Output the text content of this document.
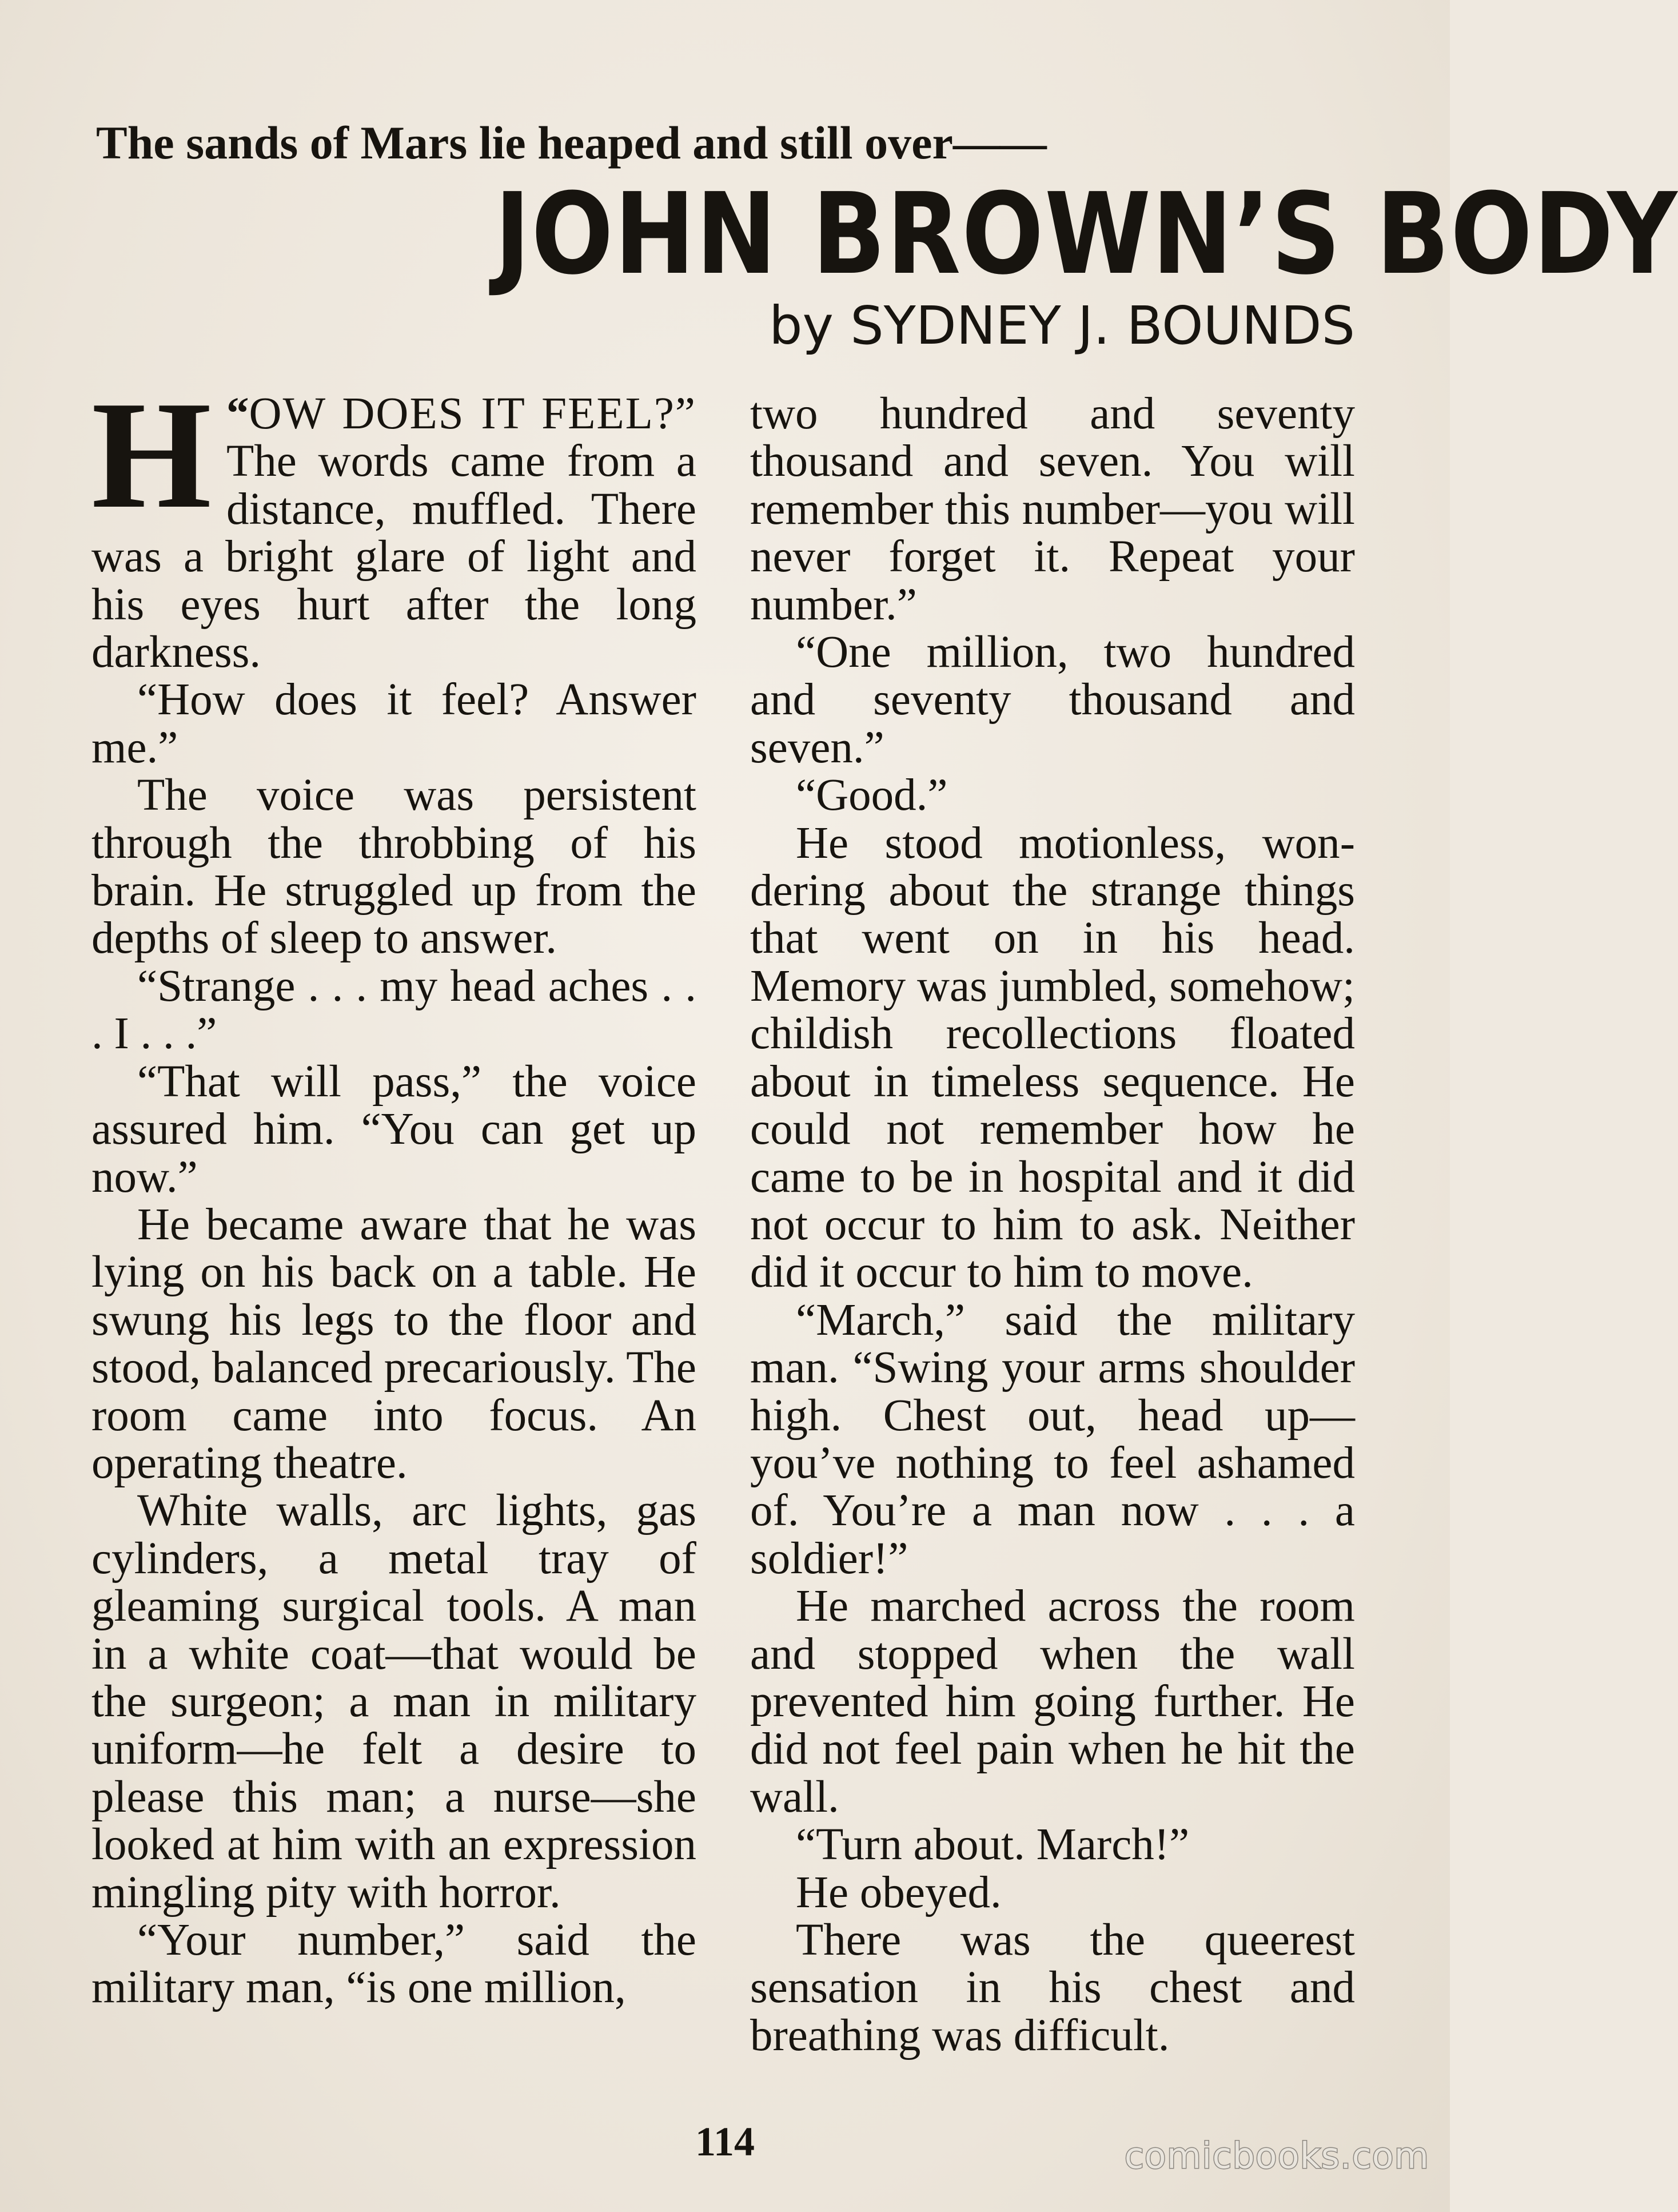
The sands of Mars lie heaped and still over——
JOHN BROWN’S BODY
by SYDNEY J. BOUNDS

“
H OW DOES IT FEEL?” The words came from a distance, muffled. There was a bright glare of light and his eyes hurt after the long darkness.

“How does it feel? Answer me.”

The voice was persistent through the throbbing of his brain. He struggled up from the depths of sleep to answer.

“Strange . . . my head aches . . . I . . .”

“That will pass,” the voice assured him. “You can get up now.”

He became aware that he was lying on his back on a table. He swung his legs to the floor and stood, balanced precariously. The room came into focus. An operating theatre.

White walls, arc lights, gas cylinders, a metal tray of gleaming surgical tools. A man in a white coat—that would be the surgeon; a man in military uniform—he felt a desire to please this man; a nurse—she looked at him with an expression mingling pity with horror.

“Your number,” said the military man, “is one million,

two hundred and seventy thousand and seven. You will remember this number—you will never forget it. Repeat your number.”

“One million, two hundred and seventy thousand and seven.”

“Good.”

He stood motionless, wondering about the strange things that went on in his head. Memory was jumbled, somehow; childish recollections floated about in timeless sequence. He could not remember how he came to be in hospital and it did not occur to him to ask. Neither did it occur to him to move.

“March,” said the military man. “Swing your arms shoulder high. Chest out, head up—you’ve nothing to feel ashamed of. You’re a man now . . . a soldier!”

He marched across the room and stopped when the wall prevented him going further. He did not feel pain when he hit the wall.

“Turn about. March!”

He obeyed.

There was the queerest sensation in his chest and breathing was difficult.

114	comicbooks.com
